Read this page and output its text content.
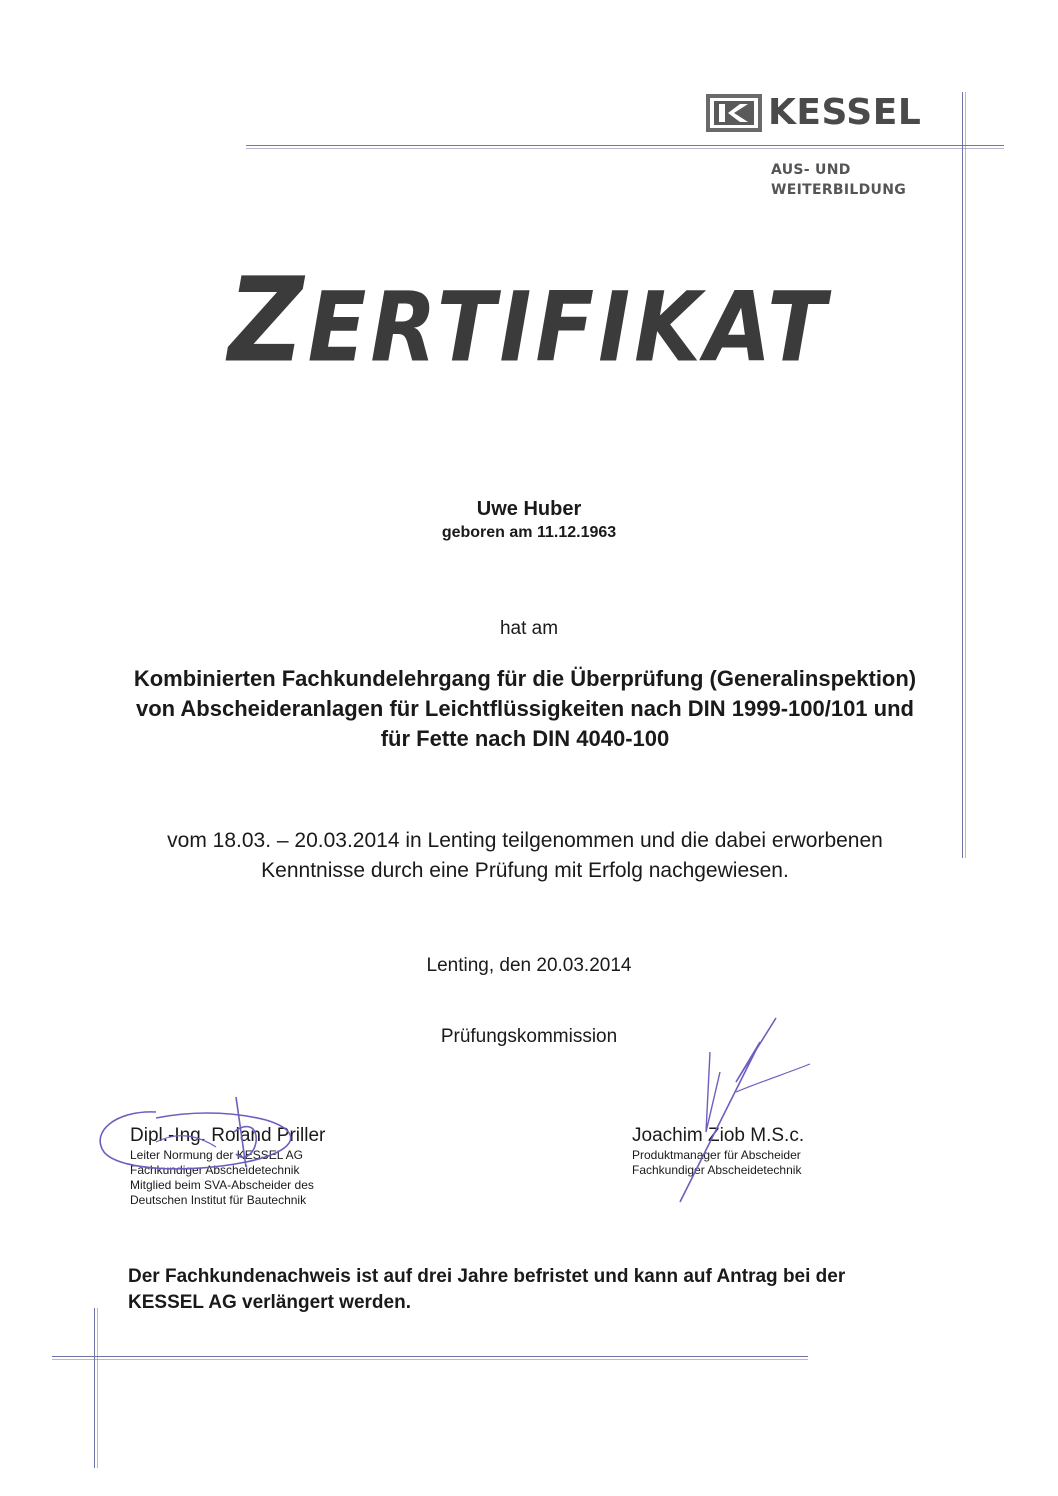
KESSEL
AUS- UND
WEITERBILDUNG
ZERTIFIKAT
Uwe Huber
geboren am 11.12.1963
hat am
Kombinierten Fachkundelehrgang für die Überprüfung (Generalinspektion) von Abscheideranlagen für Leichtflüssigkeiten nach DIN 1999-100/101 und für Fette nach DIN 4040-100
vom 18.03. – 20.03.2014 in Lenting teilgenommen und die dabei erworbenen Kenntnisse durch eine Prüfung mit Erfolg nachgewiesen.
Lenting, den 20.03.2014
Prüfungskommission
Dipl.-Ing. Roland Priller
Leiter Normung der KESSEL AG
Fachkundiger Abscheidetechnik
Mitglied beim SVA-Abscheider des
Deutschen Institut für Bautechnik
Joachim Ziob M.S.c.
Produktmanager für Abscheider
Fachkundiger Abscheidetechnik
Der Fachkundenachweis ist auf drei Jahre befristet und kann auf Antrag bei der KESSEL AG verlängert werden.
